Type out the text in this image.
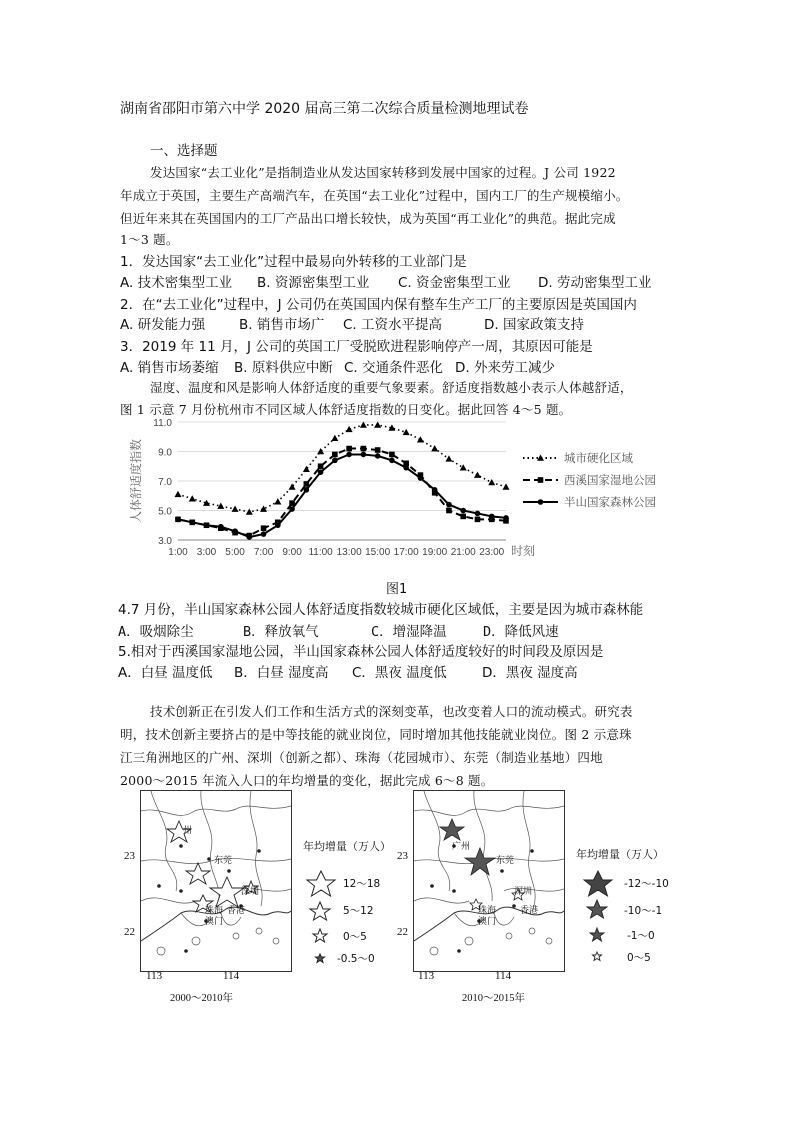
湖南省邵阳市第六中学 2020 届高三第二次综合质量检测地理试卷
一、选择题
发达国家“去工业化”是指制造业从发达国家转移到发展中国家的过程。J 公司 1922
年成立于英国，主要生产高端汽车，在英国“去工业化”过程中，国内工厂的生产规模缩小。
但近年来其在英国国内的工厂产品出口增长较快，成为英国“再工业化”的典范。据此完成
1～3 题。
1．发达国家“去工业化”过程中最易向外转移的工业部门是
A. 技术密集型工业 B. 资源密集型工业 C. 资金密集型工业 D. 劳动密集型工业
2．在“去工业化”过程中，J 公司仍在英国国内保有整车生产工厂的主要原因是英国国内
A. 研发能力强	B. 销售市场广 C. 工资水平提高	D. 国家政策支持
3．2019 年 11 月，J 公司的英国工厂受脱欧进程影响停产一周，其原因可能是
A. 销售市场萎缩 B. 原料供应中断 C. 交通条件恶化 D. 外来劳工减少
湿度、温度和风是影响人体舒适度的重要气象要素。舒适度指数越小表示人体越舒适，
图 1 示意 7 月份杭州市不同区域人体舒适度指数的日变化。据此回答 4～5 题。
3.0
5.0
7.0
9.0
11.0
1:00 3:00 5:00 7:00 9:00 11:00 13:00 15:00 17:00 19:00 21:00 23:00 时刻
人体舒适度指数	城市硬化区域
西溪国家湿地公园
半山国家森林公园
图1
4.7 月份，半山国家森林公园人体舒适度指数较城市硬化区域低，主要是因为城市森林能
A．吸烟除尘	B．释放氧气	C．增湿降温	D．降低风速
5.相对于西溪国家湿地公园，半山国家森林公园人体舒适度较好的时间段及原因是
A．白昼 温度低 B．白昼 湿度高 C．黑夜 温度低	D．黑夜 湿度高
技术创新正在引发人们工作和生活方式的深刻变革，也改变着人口的流动模式。研究表
明，技术创新主要挤占的是中等技能的就业岗位，同时增加其他技能就业岗位。图 2 示意珠
江三角洲地区的广州、深圳（创新之都）、珠海（花园城市）、东莞（制造业基地）四地
2000～2015 年流入人口的年均增量的变化，据此完成 6～8 题。
州
东莞
深圳
珠海
澳门
香港
23
22
113	114
2000～2010年
年均增量（万人）
12～18
5～12
0～5
-0.5～0
广州
东莞
深圳
珠海
澳门
香港
23
22
113	114
2010～2015年
年均增量（万人）
-12～-10
-10～-1
-1～0
0～5
